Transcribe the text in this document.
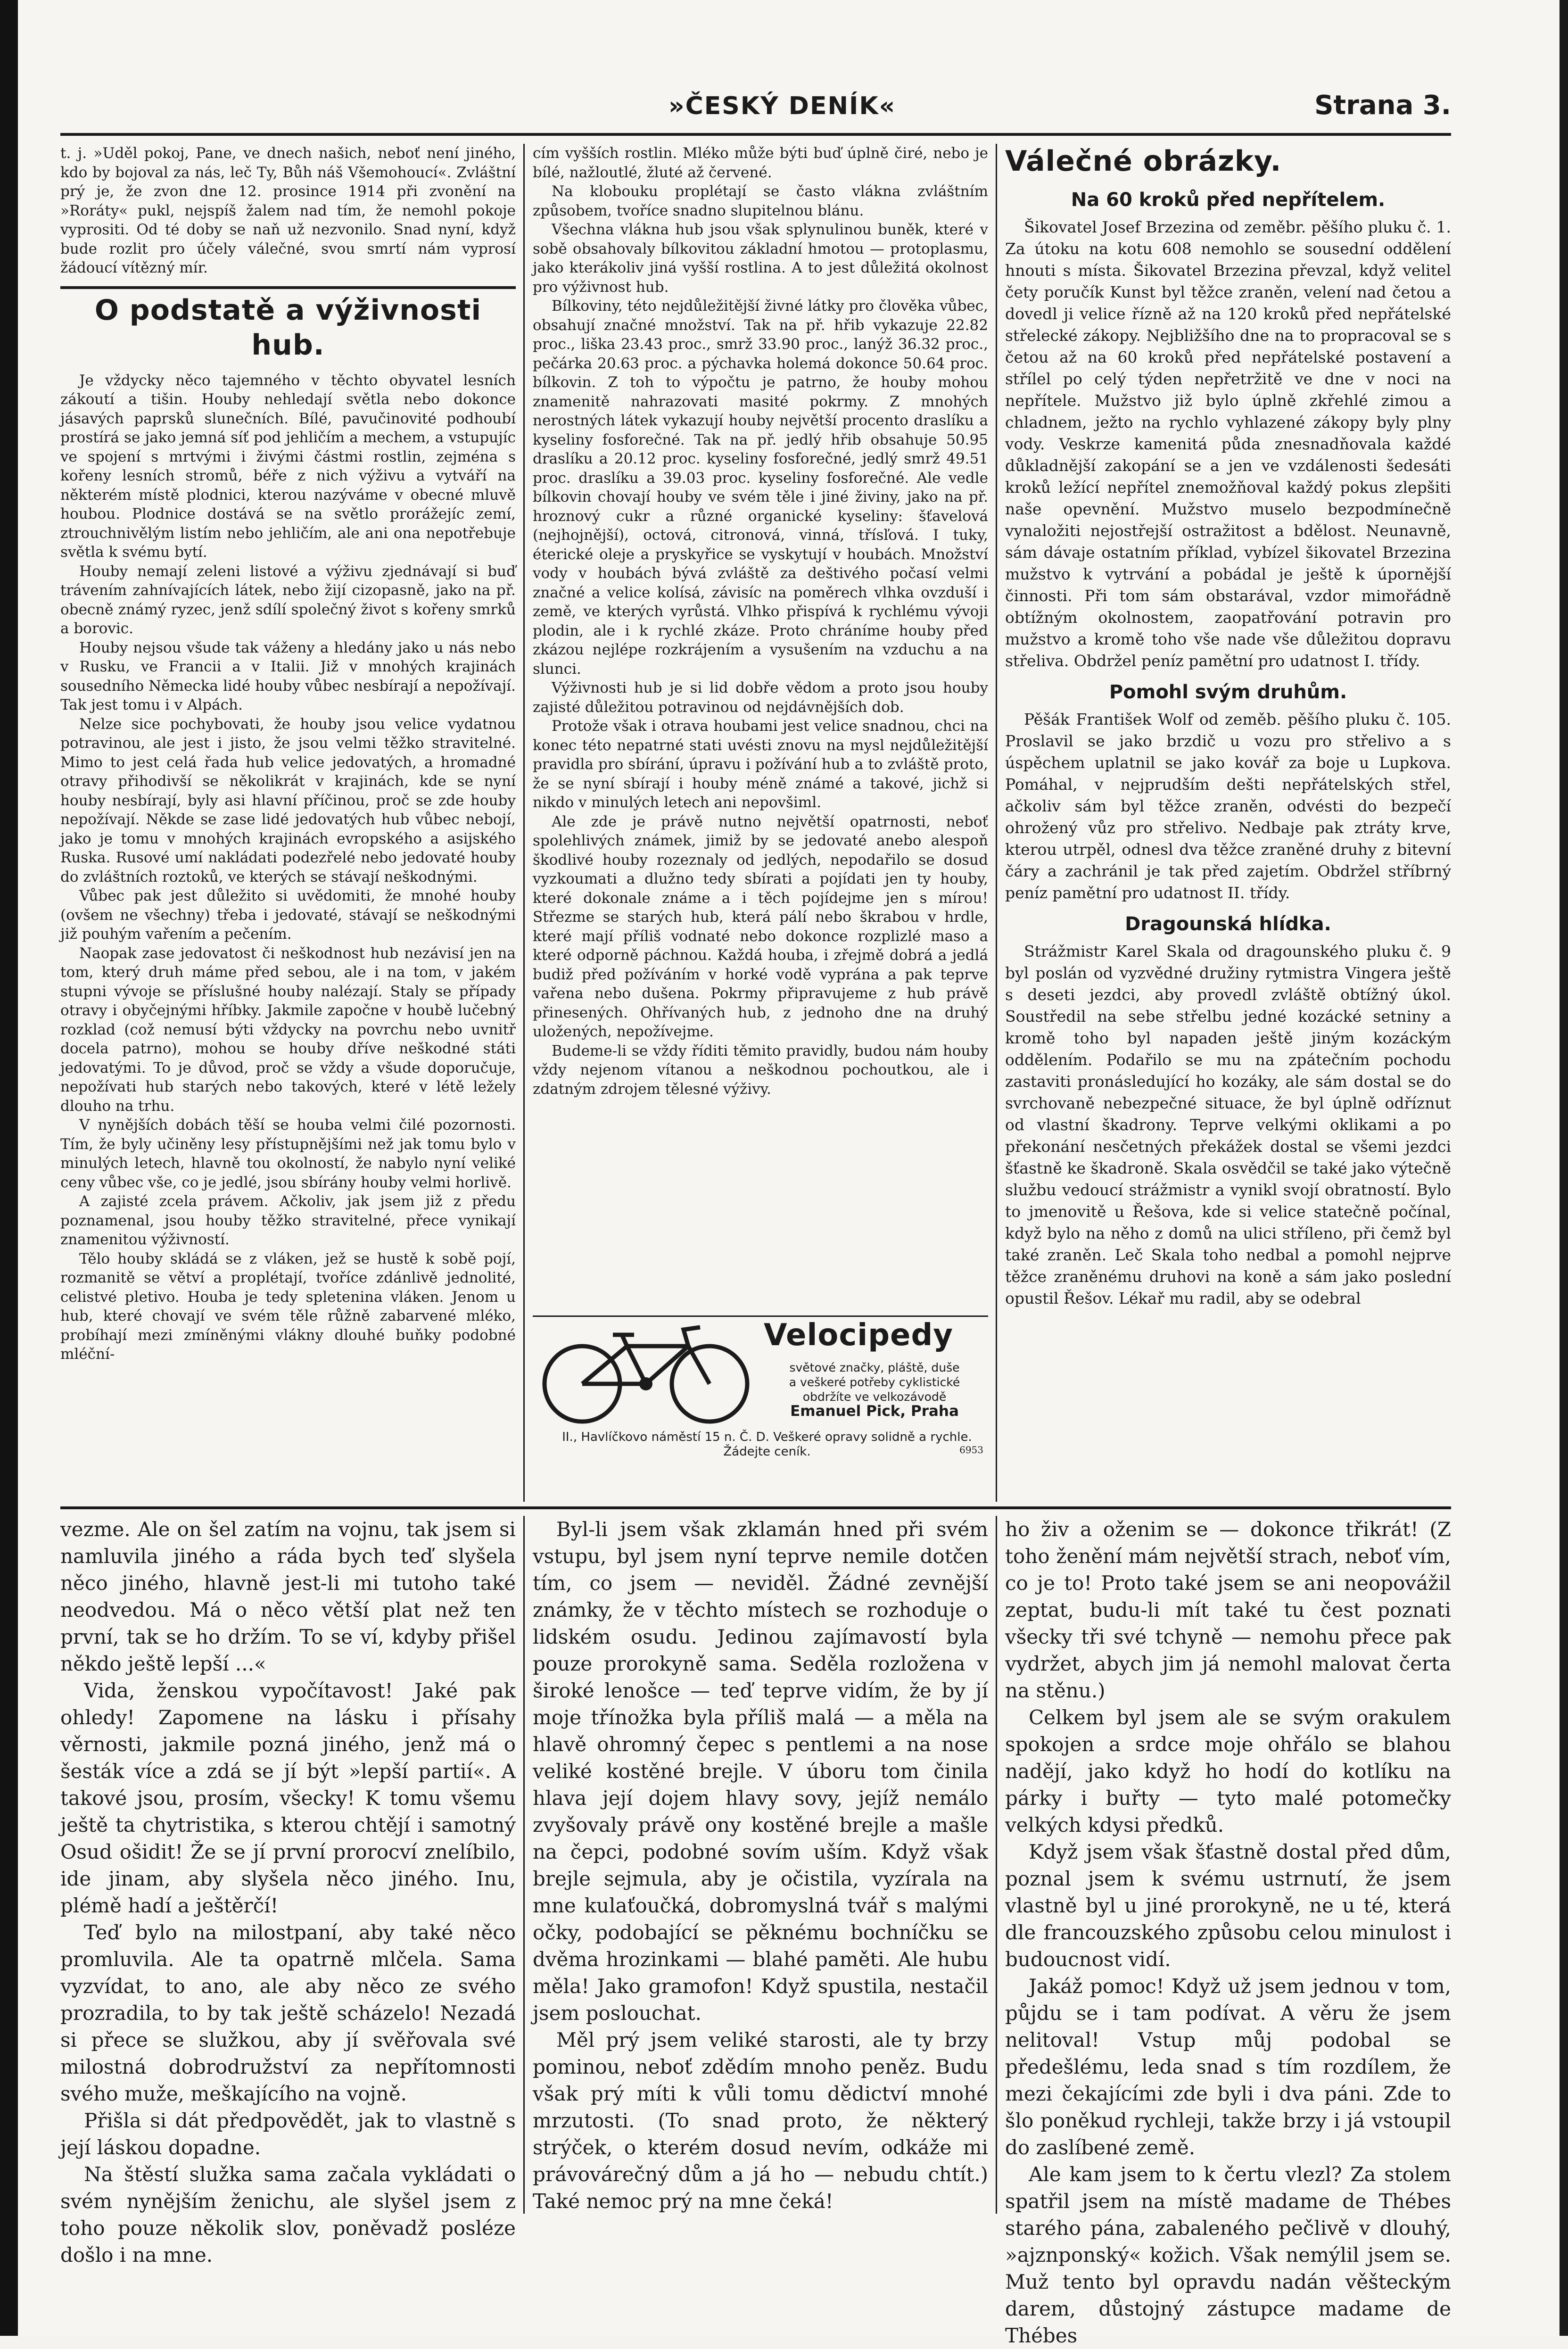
»ČESKÝ DENÍK«	Strana 3.

t. j. »Uděl pokoj, Pane, ve dnech našich, neboť není jiného, kdo by bojoval za nás, leč Ty, Bůh náš Všemohoucí«. Zvláštní prý je, že zvon dne 12. prosince 1914 při zvonění na »Roráty« pukl, nejspíš žalem nad tím, že nemohl pokoje vyprositi. Od té doby se naň už nezvonilo. Snad nyní, když bude rozlit pro účely válečné, svou smrtí nám vyprosí žádoucí vítězný mír.

O podstatě a výživnosti hub.

Je vždycky něco tajemného v těchto obyvatel lesních zákoutí a tišin. Houby nehledají světla nebo dokonce jásavých paprsků slunečních. Bílé, pavučinovité podhoubí prostírá se jako jemná síť pod jehličím a mechem, a vstupujíc ve spojení s mrtvými i živými částmi rostlin, zejména s kořeny lesních stromů, béře z nich výživu a vytváří na některém místě plodnici, kterou nazýváme v obecné mluvě houbou. Plodnice dostává se na světlo prorážejíc zemí, ztrouchnivělým listím nebo jehličím, ale ani ona nepotřebuje světla k svému bytí.

Houby nemají zeleni listové a výživu zjednávají si buď trávením zahnívajících látek, nebo žijí cizopasně, jako na př. obecně známý ryzec, jenž sdílí společný život s kořeny smrků a borovic.

Houby nejsou všude tak váženy a hledány jako u nás nebo v Rusku, ve Francii a v Italii. Již v mnohých krajinách sousedního Německa lidé houby vůbec nesbírají a nepožívají. Tak jest tomu i v Alpách.

Nelze sice pochybovati, že houby jsou velice vydatnou potravinou, ale jest i jisto, že jsou velmi těžko stravitelné. Mimo to jest celá řada hub velice jedovatých, a hromadné otravy přihodivší se několikrát v krajinách, kde se nyní houby nesbírají, byly asi hlavní příčinou, proč se zde houby nepožívají. Někde se zase lidé jedovatých hub vůbec nebojí, jako je tomu v mnohých krajinách evropského a asijského Ruska. Rusové umí nakládati podezřelé nebo jedovaté houby do zvláštních roztoků, ve kterých se stávají neškodnými.

Vůbec pak jest důležito si uvědomiti, že mnohé houby (ovšem ne všechny) třeba i jedovaté, stávají se neškodnými již pouhým vařením a pečením.

Naopak zase jedovatost či neškodnost hub nezávisí jen na tom, který druh máme před sebou, ale i na tom, v jakém stupni vývoje se příslušné houby nalézají. Staly se případy otravy i obyčejnými hříbky. Jakmile započne v houbě lučebný rozklad (což nemusí býti vždycky na povrchu nebo uvnitř docela patrno), mohou se houby dříve neškodné státi jedovatými. To je důvod, proč se vždy a všude doporučuje, nepožívati hub starých nebo takových, které v létě ležely dlouho na trhu.

V nynějších dobách těší se houba velmi čilé pozornosti. Tím, že byly učiněny lesy přístupnějšími než jak tomu bylo v minulých letech, hlavně tou okolností, že nabylo nyní veliké ceny vůbec vše, co je jedlé, jsou sbírány houby velmi horlivě.

A zajisté zcela právem. Ačkoliv, jak jsem již z předu poznamenal, jsou houby těžko stravitelné, přece vynikají znamenitou výživností.

Tělo houby skládá se z vláken, jež se hustě k sobě pojí, rozmanitě se větví a proplétají, tvoříce zdánlivě jednolité, celistvé pletivo. Houba je tedy spletenina vláken. Jenom u hub, které chovají ve svém těle růžně zabarvené mléko, probíhají mezi zmíněnými vlákny dlouhé buňky podobné mléční-

cím vyšších rostlin. Mléko může býti buď úplně čiré, nebo je bílé, nažloutlé, žluté až červené.

Na klobouku proplétají se často vlákna zvláštním způsobem, tvoříce snadno slupitelnou blánu.

Všechna vlákna hub jsou však splynulinou buněk, které v sobě obsahovaly bílkovitou základní hmotou — protoplasmu, jako kterákoliv jiná vyšší rostlina. A to jest důležitá okolnost pro výživnost hub.

Bílkoviny, této nejdůležitější živné látky pro člověka vůbec, obsahují značné množství. Tak na př. hřib vykazuje 22.82 proc., liška 23.43 proc., smrž 33.90 proc., lanýž 36.32 proc., pečárka 20.63 proc. a pýchavka holemá dokonce 50.64 proc. bílkovin. Z toh to výpočtu je patrno, že houby mohou znamenitě nahrazovati masité pokrmy. Z mnohých nerostných látek vykazují houby největší procento draslíku a kyseliny fosforečné. Tak na př. jedlý hřib obsahuje 50.95 draslíku a 20.12 proc. kyseliny fosforečné, jedlý smrž 49.51 proc. draslíku a 39.03 proc. kyseliny fosforečné. Ale vedle bílkovin chovají houby ve svém těle i jiné živiny, jako na př. hroznový cukr a různé organické kyseliny: šťavelová (nejhojnější), octová, citronová, vinná, třísľová. I tuky, éterické oleje a pryskyřice se vyskytují v houbách. Množství vody v houbách bývá zvláště za deštivého počasí velmi značné a velice kolísá, závisíc na poměrech vlhka ovzduší i země, ve kterých vyrůstá. Vlhko přispívá k rychlému vývoji plodin, ale i k rychlé zkáze. Proto chráníme houby před zkázou nejlépe rozkrájením a vysušením na vzduchu a na slunci.

Výživnosti hub je si lid dobře vědom a proto jsou houby zajisté důležitou potravinou od nejdávnějších dob.

Protože však i otrava houbami jest velice snadnou, chci na konec této nepatrné stati uvésti znovu na mysl nejdůležitější pravidla pro sbírání, úpravu i požívání hub a to zvláště proto, že se nyní sbírají i houby méně známé a takové, jichž si nikdo v minulých letech ani nepovšiml.

Ale zde je právě nutno největší opatrnosti, neboť spolehlivých známek, jimiž by se jedovaté anebo alespoň škodlivé houby rozeznaly od jedlých, nepodařilo se dosud vyzkoumati a dlužno tedy sbírati a pojídati jen ty houby, které dokonale známe a i těch pojídejme jen s mírou! Střezme se starých hub, která pálí nebo škrabou v hrdle, které mají příliš vodnaté nebo dokonce rozplizlé maso a které odporně páchnou. Každá houba, i zřejmě dobrá a jedlá budiž před požíváním v horké vodě vyprána a pak teprve vařena nebo dušena. Pokrmy připravujeme z hub právě přinesených. Ohřívaných hub, z jednoho dne na druhý uložených, nepožívejme.

Budeme-li se vždy říditi těmito pravidly, budou nám houby vždy nejenom vítanou a neškodnou pochoutkou, ale i zdatným zdrojem tělesné výživy.

Velocipedy
světové značky, pláště, duše
a veškeré potřeby cyklistické obdržíte ve velkozávodě
Emanuel Pick, Praha
II., Havlíčkovo náměstí 15 n. Č. D. Veškeré opravy solidně a rychle. Žádejte ceník.	6953
Válečné obrázky.
Na 60 kroků před nepřítelem.

Šikovatel Josef Brzezina od zeměbr. pěšího pluku č. 1. Za útoku na kotu 608 nemohlo se sousední oddělení hnouti s místa. Šikovatel Brzezina převzal, když velitel čety poručík Kunst byl těžce zraněn, velení nad četou a dovedl ji velice řízně až na 120 kroků před nepřátelské střelecké zákopy. Nejbližšího dne na to propracoval se s četou až na 60 kroků před nepřátelské postavení a střílel po celý týden nepřetržitě ve dne v noci na nepřítele. Mužstvo již bylo úplně zkřehlé zimou a chladnem, ježto na rychlo vyhlazené zákopy byly plny vody. Veskrze kamenitá půda znesnadňovala každé důkladnější zakopání se a jen ve vzdálenosti šedesáti kroků ležící nepřítel znemožňoval každý pokus zlepšiti naše opevnění. Mužstvo muselo bezpodmínečně vynaložiti nejostřejší ostražitost a bdělost. Neunavně, sám dávaje ostatním příklad, vybízel šikovatel Brzezina mužstvo k vytrvání a pobádal je ještě k úpornější činnosti. Při tom sám obstarával, vzdor mimořádně obtížným okolnostem, zaopatřování potravin pro mužstvo a kromě toho vše nade vše důležitou dopravu střeliva. Obdržel peníz pamětní pro udatnost I. třídy.

Pomohl svým druhům.

Pěšák František Wolf od zeměb. pěšího pluku č. 105. Proslavil se jako brzdič u vozu pro střelivo a s úspěchem uplatnil se jako kovář za boje u Lupkova. Pomáhal, v nejprudším dešti nepřátelských střel, ačkoliv sám byl těžce zraněn, odvésti do bezpečí ohrožený vůz pro střelivo. Nedbaje pak ztráty krve, kterou utrpěl, odnesl dva těžce zraněné druhy z bitevní čáry a zachránil je tak před zajetím. Obdržel stříbrný peníz pamětní pro udatnost II. třídy.

Dragounská hlídka.

Strážmistr Karel Skala od dragounského pluku č. 9 byl poslán od vyzvědné družiny rytmistra Vingera ještě s deseti jezdci, aby provedl zvláště obtížný úkol. Soustředil na sebe střelbu jedné kozácké setniny a kromě toho byl napaden ještě jiným kozáckým oddělením. Podařilo se mu na zpátečním pochodu zastaviti pronásledující ho kozáky, ale sám dostal se do svrchovaně nebezpečné situace, že byl úplně odříznut od vlastní škadrony. Teprve velkými oklikami a po překonání nesčetných překážek dostal se všemi jezdci šťastně ke škadroně. Skala osvědčil se také jako výtečně službu vedoucí strážmistr a vynikl svojí obratností. Bylo to jmenovitě u Řešova, kde si velice statečně počínal, když bylo na něho z domů na ulici stříleno, při čemž byl také zraněn. Leč Skala toho nedbal a pomohl nejprve těžce zraněnému druhovi na koně a sám jako poslední opustil Řešov. Lékař mu radil, aby se odebral

vezme. Ale on šel zatím na vojnu, tak jsem si namluvila jiného a ráda bych teď slyšela něco jiného, hlavně jest-li mi tutoho také neodvedou. Má o něco větší plat než ten první, tak se ho držím. To se ví, kdyby přišel někdo ještě lepší ...«

Vida, ženskou vypočítavost! Jaké pak ohledy! Zapomene na lásku i přísahy věrnosti, jakmile pozná jiného, jenž má o šesták více a zdá se jí být »lepší partií«. A takové jsou, prosím, všecky! K tomu všemu ještě ta chytristika, s kterou chtějí i samotný Osud ošidit! Že se jí první prorocví znelíbilo, ide jinam, aby slyšela něco jiného. Inu, plémě hadí a ještěrčí!

Teď bylo na milostpaní, aby také něco promluvila. Ale ta opatrně mlčela. Sama vyzvídat, to ano, ale aby něco ze svého prozradila, to by tak ještě scházelo! Nezadá si přece se služkou, aby jí svěřovala své milostná dobrodružství za nepřítomnosti svého muže, meškajícího na vojně.

Přišla si dát předpovědět, jak to vlastně s její láskou dopadne.

Na štěstí služka sama začala vykládati o svém nynějším ženichu, ale slyšel jsem z toho pouze několik slov, poněvadž posléze došlo i na mne.

Byl-li jsem však zklamán hned při svém vstupu, byl jsem nyní teprve nemile dotčen tím, co jsem — neviděl. Žádné zevnější známky, že v těchto místech se rozhoduje o lidském osudu. Jedinou zajímavostí byla pouze prorokyně sama. Seděla rozložena v široké lenošce — teď teprve vidím, že by jí moje třínožka byla příliš malá — a měla na hlavě ohromný čepec s pentlemi a na nose veliké kostěné brejle. V úboru tom činila hlava její dojem hlavy sovy, jejíž nemálo zvyšovaly právě ony kostěné brejle a mašle na čepci, podobné sovím uším. Když však brejle sejmula, aby je očistila, vyzírala na mne kulaťoučká, dobromyslná tvář s malými očky, podobající se pěknému bochníčku se dvěma hrozinkami — blahé paměti. Ale hubu měla! Jako gramofon! Když spustila, nestačil jsem poslouchat.

Měl prý jsem veliké starosti, ale ty brzy pominou, neboť zdědím mnoho peněz. Budu však prý míti k vůli tomu dědictví mnohé mrzutosti. (To snad proto, že některý strýček, o kterém dosud nevím, odkáže mi právovárečný dům a já ho — nebudu chtít.) Také nemoc prý na mne čeká!

ho živ a oženim se — dokonce třikrát! (Z toho ženění mám největší strach, neboť vím, co je to! Proto také jsem se ani neopovážil zeptat, budu-li mít také tu čest poznati všecky tři své tchyně — nemohu přece pak vydržet, abych jim já nemohl malovat čerta na stěnu.)

Celkem byl jsem ale se svým orakulem spokojen a srdce moje ohřálo se blahou nadějí, jako když ho hodí do kotlíku na párky i buřty — tyto malé potomečky velkých kdysi předků.

Když jsem však šťastně dostal před dům, poznal jsem k svému ustrnutí, že jsem vlastně byl u jiné prorokyně, ne u té, která dle francouzského způsobu celou minulost i budoucnost vidí.

Jakáž pomoc! Když už jsem jednou v tom, půjdu se i tam podívat. A věru že jsem nelitoval! Vstup můj podobal se předešlému, leda snad s tím rozdílem, že mezi čekajícími zde byli i dva páni. Zde to šlo poněkud rychleji, takže brzy i já vstoupil do zaslíbené země.

Ale kam jsem to k čertu vlezl? Za stolem spatřil jsem na místě madame de Thébes starého pána, zabaleného pečlivě v dlouhý, »ajznponský« kožich. Však nemýlil jsem se. Muž tento byl opravdu nadán věšteckým darem, důstojný zástupce madame de Thébes
